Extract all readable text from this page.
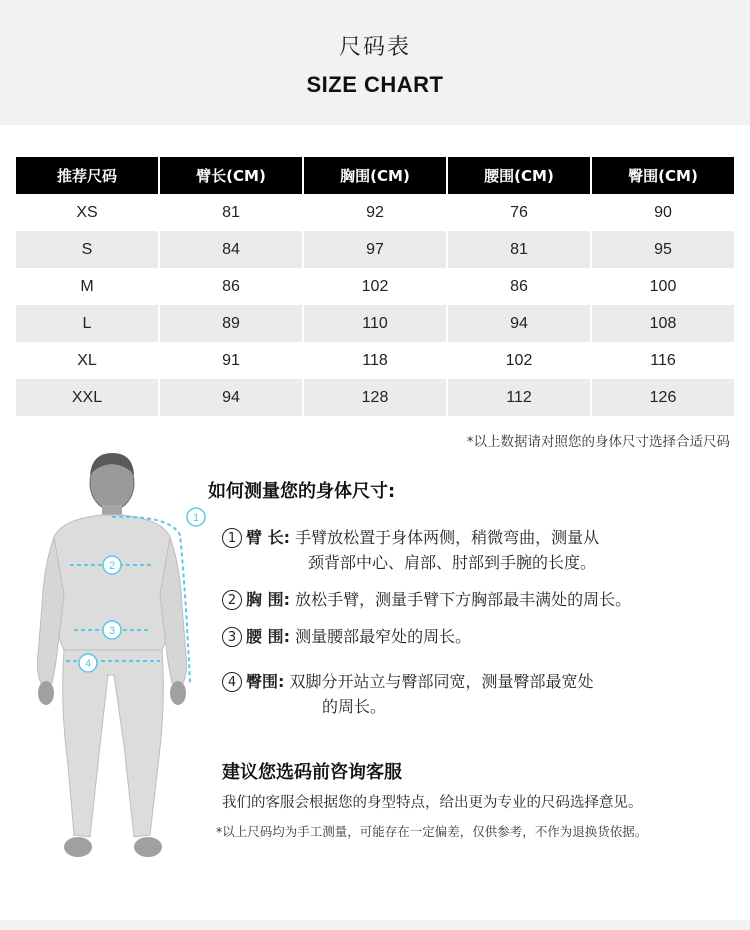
尺码表
SIZE CHART
推荐尺码	臂长(CM)	胸围(CM)	腰围(CM)	臀围(CM)
XS	81	92	76	90
S	84	97	81	95
M	86	102	86	100
L	89	110	94	108
XL	91	118	102	116
XXL	94	128	112	126
*以上数据请对照您的身体尺寸选择合适尺码
1
2
3
4
如何测量您的身体尺寸:
1 臂 长: 手臂放松置于身体两侧，稍微弯曲，测量从
颈背部中心、肩部、肘部到手腕的长度。
2 胸 围: 放松手臂，测量手臂下方胸部最丰满处的周长。
3 腰 围: 测量腰部最窄处的周长。
4 臀围: 双脚分开站立与臀部同宽，测量臀部最宽处
的周长。
建议您选码前咨询客服
我们的客服会根据您的身型特点，给出更为专业的尺码选择意见。
*以上尺码均为手工测量，可能存在一定偏差，仅供参考，不作为退换货依据。
